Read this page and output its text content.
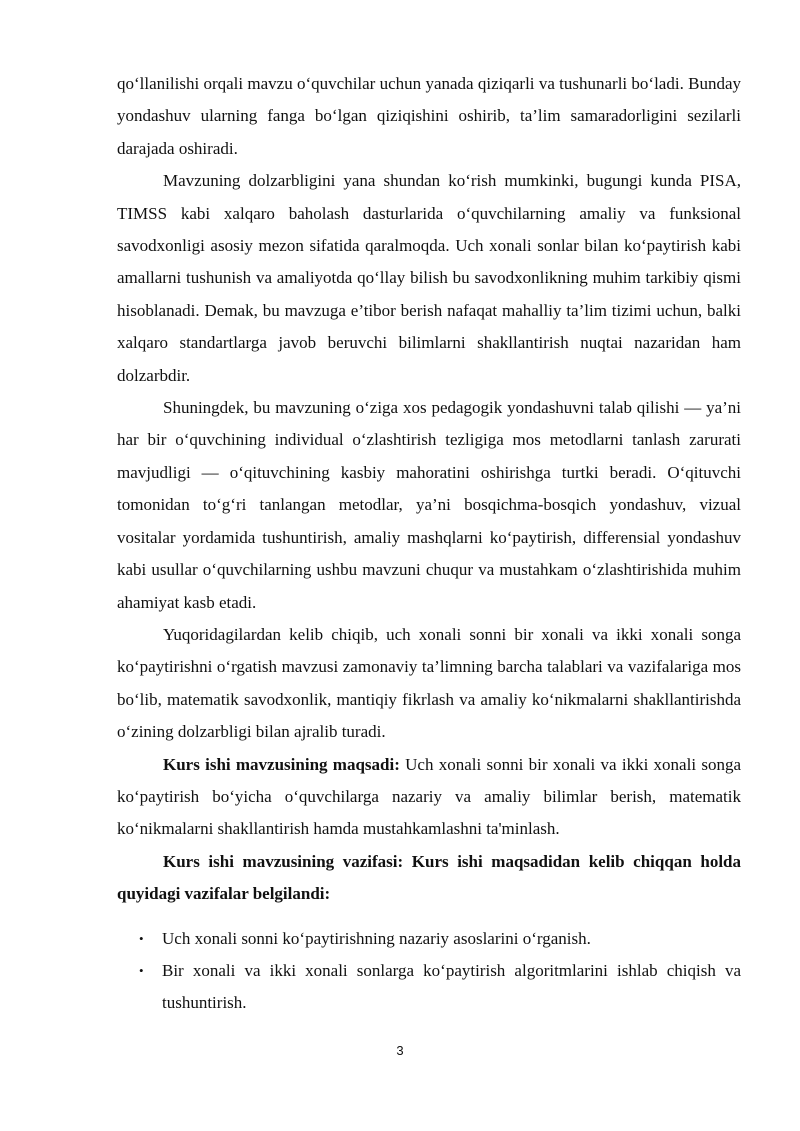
qo‘llanilishi orqali mavzu o‘quvchilar uchun yanada qiziqarli va tushunarli bo‘ladi. Bunday yondashuv ularning fanga bo‘lgan qiziqishini oshirib, ta’lim samaradorligini sezilarli darajada oshiradi.

Mavzuning dolzarbligini yana shundan ko‘rish mumkinki, bugungi kunda PISA, TIMSS kabi xalqaro baholash dasturlarida o‘quvchilarning amaliy va funksional savodxonligi asosiy mezon sifatida qaralmoqda. Uch xonali sonlar bilan ko‘paytirish kabi amallarni tushunish va amaliyotda qo‘llay bilish bu savodxonlikning muhim tarkibiy qismi hisoblanadi. Demak, bu mavzuga e’tibor berish nafaqat mahalliy ta’lim tizimi uchun, balki xalqaro standartlarga javob beruvchi bilimlarni shakllantirish nuqtai nazaridan ham dolzarbdir.

Shuningdek, bu mavzuning o‘ziga xos pedagogik yondashuvni talab qilishi — ya’ni har bir o‘quvchining individual o‘zlashtirish tezligiga mos metodlarni tanlash zarurati mavjudligi — o‘qituvchining kasbiy mahoratini oshirishga turtki beradi. O‘qituvchi tomonidan to‘g‘ri tanlangan metodlar, ya’ni bosqichma-bosqich yondashuv, vizual vositalar yordamida tushuntirish, amaliy mashqlarni ko‘paytirish, differensial yondashuv kabi usullar o‘quvchilarning ushbu mavzuni chuqur va mustahkam o‘zlashtirishida muhim ahamiyat kasb etadi.

Yuqoridagilardan kelib chiqib, uch xonali sonni bir xonali va ikki xonali songa ko‘paytirishni o‘rgatish mavzusi zamonaviy ta’limning barcha talablari va vazifalariga mos bo‘lib, matematik savodxonlik, mantiqiy fikrlash va amaliy ko‘nikmalarni shakllantirishda o‘zining dolzarbligi bilan ajralib turadi.

Kurs ishi mavzusining maqsadi: Uch xonali sonni bir xonali va ikki xonali songa ko‘paytirish bo‘yicha o‘quvchilarga nazariy va amaliy bilimlar berish, matematik ko‘nikmalarni shakllantirish hamda mustahkamlashni ta'minlash.

Kurs ishi mavzusining vazifasi: Kurs ishi maqsadidan kelib chiqqan holda quyidagi vazifalar belgilandi:

• Uch xonali sonni ko‘paytirishning nazariy asoslarini o‘rganish.
• Bir xonali va ikki xonali sonlarga ko‘paytirish algoritmlarini ishlab chiqish va tushuntirish.
3
